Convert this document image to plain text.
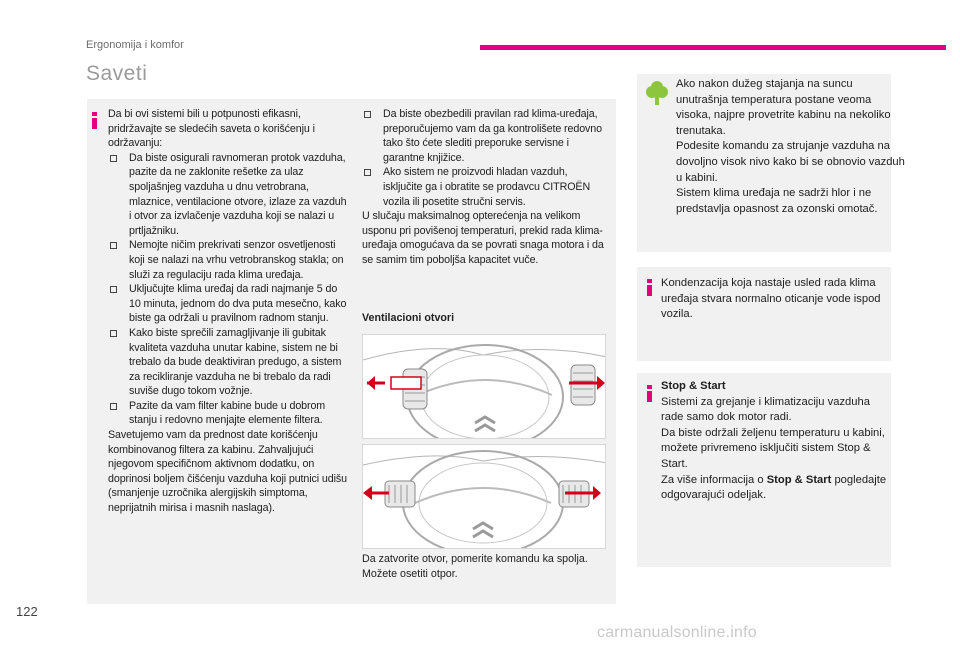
Ergonomija i komfor
Saveti

Da bi ovi sistemi bili u potpunosti efikasni, pridržavajte se sledećih saveta o korišćenju i održavanju:

Da biste osigurali ravnomeran protok vazduha, pazite da ne zaklonite rešetke za ulaz spoljašnjeg vazduha u dnu vetrobrana, mlaznice, ventilacione otvore, izlaze za vazduh i otvor za izvlačenje vazduha koji se nalazi u prtljažniku.
Nemojte ničim prekrivati senzor osvetljenosti koji se nalazi na vrhu vetrobranskog stakla; on služi za regulaciju rada klima uređaja.
Uključujte klima uređaj da radi najmanje 5 do 10 minuta, jednom do dva puta mesečno, kako biste ga održali u pravilnom radnom stanju.
Kako biste sprečili zamagljivanje ili gubitak kvaliteta vazduha unutar kabine, sistem ne bi trebalo da bude deaktiviran predugo, a sistem za recikliranje vazduha ne bi trebalo da radi suviše dugo tokom vožnje.
Pazite da vam filter kabine bude u dobrom stanju i redovno menjajte elemente filtera.

Savetujemo vam da prednost date korišćenju kombinovanog filtera za kabinu. Zahvaljujući njegovom specifičnom aktivnom dodatku, on doprinosi boljem čišćenju vazduha koji putnici udišu (smanjenje uzročnika alergijskih simptoma, neprijatnih mirisa i masnih naslaga).

Da biste obezbedili pravilan rad klima-uređaja, preporučujemo vam da ga kontrolišete redovno tako što ćete slediti preporuke servisne i garantne knjižice.
Ako sistem ne proizvodi hladan vazduh, isključite ga i obratite se prodavcu CITROËN vozila ili posetite stručni servis.

U slučaju maksimalnog opterećenja na velikom usponu pri povišenoj temperaturi, prekid rada klima-uređaja omogućava da se povrati snaga motora i da se samim tim poboljša kapacitet vuče.

Ventilacioni otvori
Da zatvorite otvor, pomerite komandu ka spolja. Možete osetiti otpor.

Ako nakon dužeg stajanja na suncu unutrašnja temperatura postane veoma visoka, najpre provetrite kabinu na nekoliko trenutaka.

Podesite komandu za strujanje vazduha na dovoljno visok nivo kako bi se obnovio vazduh u kabini.

Sistem klima uređaja ne sadrži hlor i ne predstavlja opasnost za ozonski omotač.

Kondenzacija koja nastaje usled rada klima uređaja stvara normalno oticanje vode ispod vozila.

Stop & Start

Sistemi za grejanje i klimatizaciju vazduha rade samo dok motor radi.

Da biste održali željenu temperaturu u kabini, možete privremeno isključiti sistem Stop & Start.

Za više informacija o Stop & Start pogledajte odgovarajući odeljak.

122
carmanualsonline.info
